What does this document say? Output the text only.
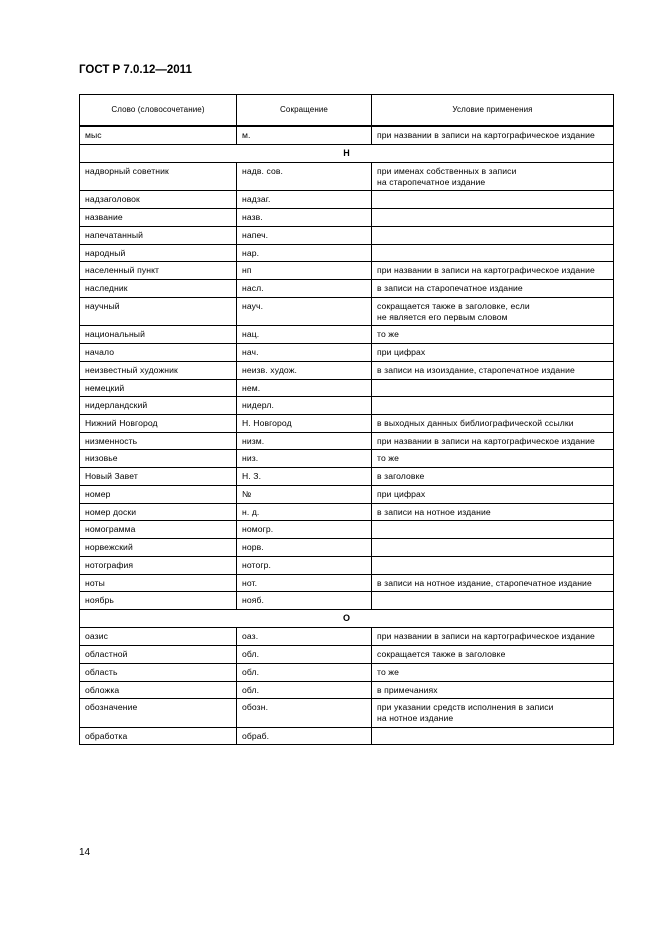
ГОСТ Р 7.0.12—2011
Слово (словосочетание)	Сокращение	Условие применения
мыс	м.	при названии в записи на картографическое издание
Н		
надворный советник	надв. сов.	при именах собственных в записи
на старопечатное издание
надзаголовок	надзаг.	
название	назв.	
напечатанный	напеч.	
народный	нар.	
населенный пункт	нп	при названии в записи на картографическое издание
наследник	насл.	в записи на старопечатное издание
научный	науч.	сокращается также в заголовке, если
не является его первым словом
национальный	нац.	то же
начало	нач.	при цифрах
неизвестный художник	неизв. худож.	в записи на изоиздание, старопечатное издание
немецкий	нем.	
нидерландский	нидерл.	
Нижний Новгород	Н. Новгород	в выходных данных библиографической ссылки
низменность	низм.	при названии в записи на картографическое издание
низовье	низ.	то же
Новый Завет	Н. З.	в заголовке
номер	№	при цифрах
номер доски	н. д.	в записи на нотное издание
номограмма	номогр.	
норвежский	норв.	
нотография	нотогр.	
ноты	нот.	в записи на нотное издание, старопечатное издание
ноябрь	нояб.	
О		
оазис	оаз.	при названии в записи на картографическое издание
областной	обл.	сокращается также в заголовке
область	обл.	то же
обложка	обл.	в примечаниях
обозначение	обозн.	при указании средств исполнения в записи
на нотное издание
обработка	обраб.	
14
